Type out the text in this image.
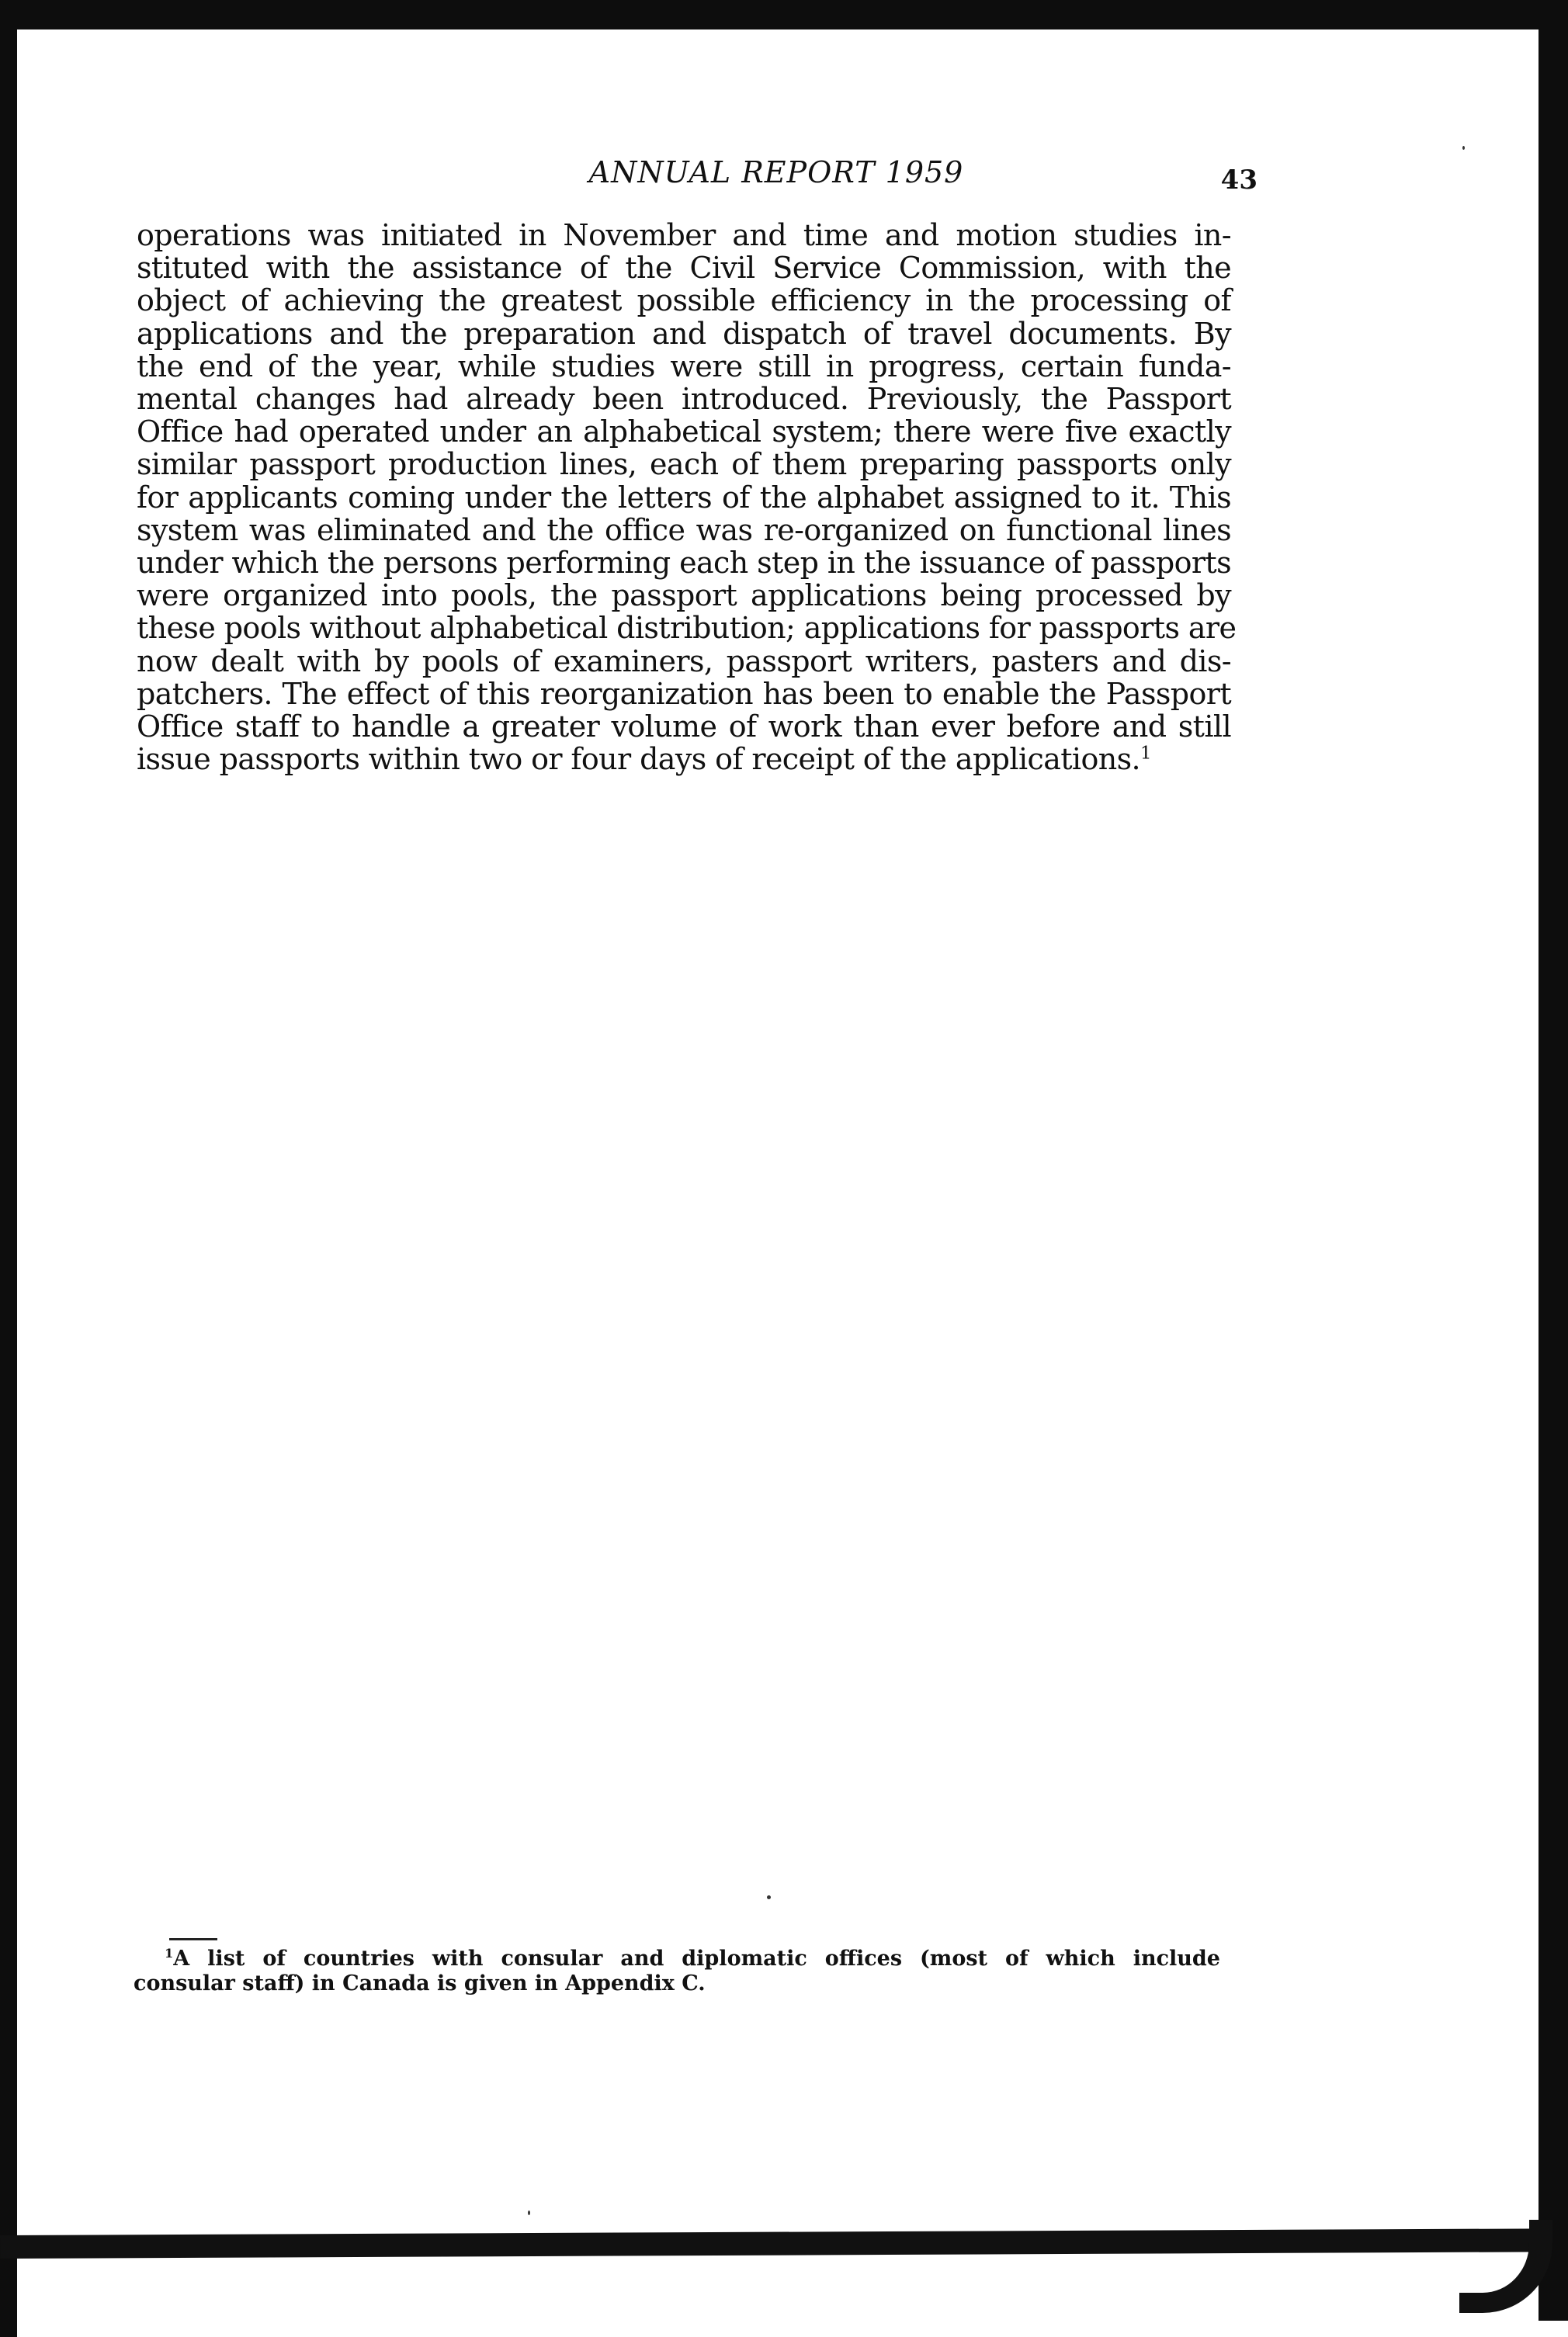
ANNUAL REPORT 1959	43
operations was initiated in November and time and motion studies in-
stituted with the assistance of the Civil Service Commission, with the
object of achieving the greatest possible efficiency in the processing of
applications and the preparation and dispatch of travel documents. By
the end of the year, while studies were still in progress, certain funda-
mental changes had already been introduced. Previously, the Passport
Office had operated under an alphabetical system; there were five exactly
similar passport production lines, each of them preparing passports only
for applicants coming under the letters of the alphabet assigned to it. This
system was eliminated and the office was re-organized on functional lines
under which the persons performing each step in the issuance of passports
were organized into pools, the passport applications being processed by
these pools without alphabetical distribution; applications for passports are
now dealt with by pools of examiners, passport writers, pasters and dis-
patchers. The effect of this reorganization has been to enable the Passport
Office staff to handle a greater volume of work than ever before and still
issue passports within two or four days of receipt of the applications.$^1$
$^1$A list of countries with consular and diplomatic offices (most of which include
consular staff) in Canada is given in Appendix C.
